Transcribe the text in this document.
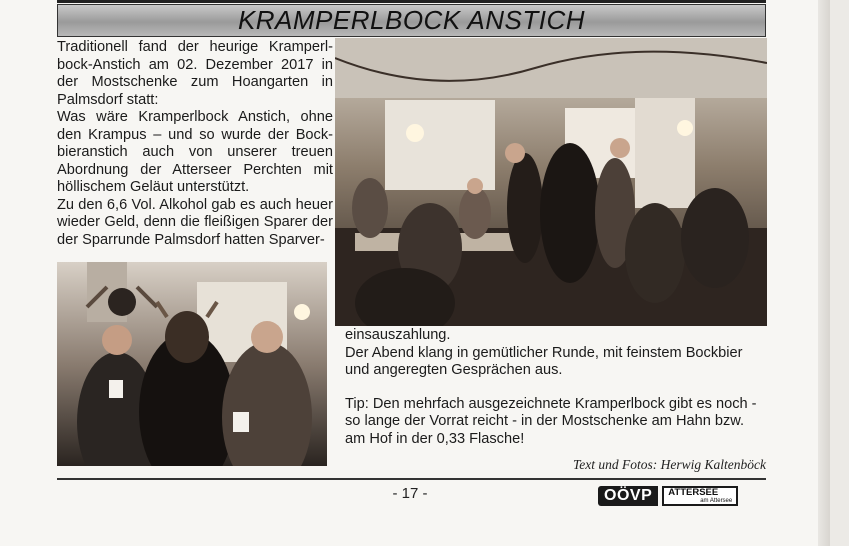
KRAMPERLBOCK ANSTICH

Traditionell fand der heurige Kramperl-bock-Anstich am 02. Dezember 2017 in der Mostschenke zum Hoangarten in Palmsdorf statt:

Was wäre Kramperlbock Anstich, ohne den Krampus – und so wurde der Bock-bieranstich auch von unserer treuen Abordnung der Atterseer Perchten mit höllischem Geläut unterstützt.

Zu den 6,6 Vol. Alkohol gab es auch heuer wieder Geld, denn die fleißigen Sparer der der Sparrunde Palmsdorf hatten Sparver-

einsauszahlung.

Der Abend klang in gemütlicher Runde, mit feinstem Bockbier und angeregten Gesprächen aus.

Tip: Den mehrfach ausgezeichnete Kramperlbock gibt es noch - so lange der Vorrat reicht - in der Mostschenke am Hahn bzw. am Hof in der 0,33 Flasche!

Text und Fotos: Herwig Kaltenböck
- 17 -	OÖVP	ATTERSEE
am Attersee
